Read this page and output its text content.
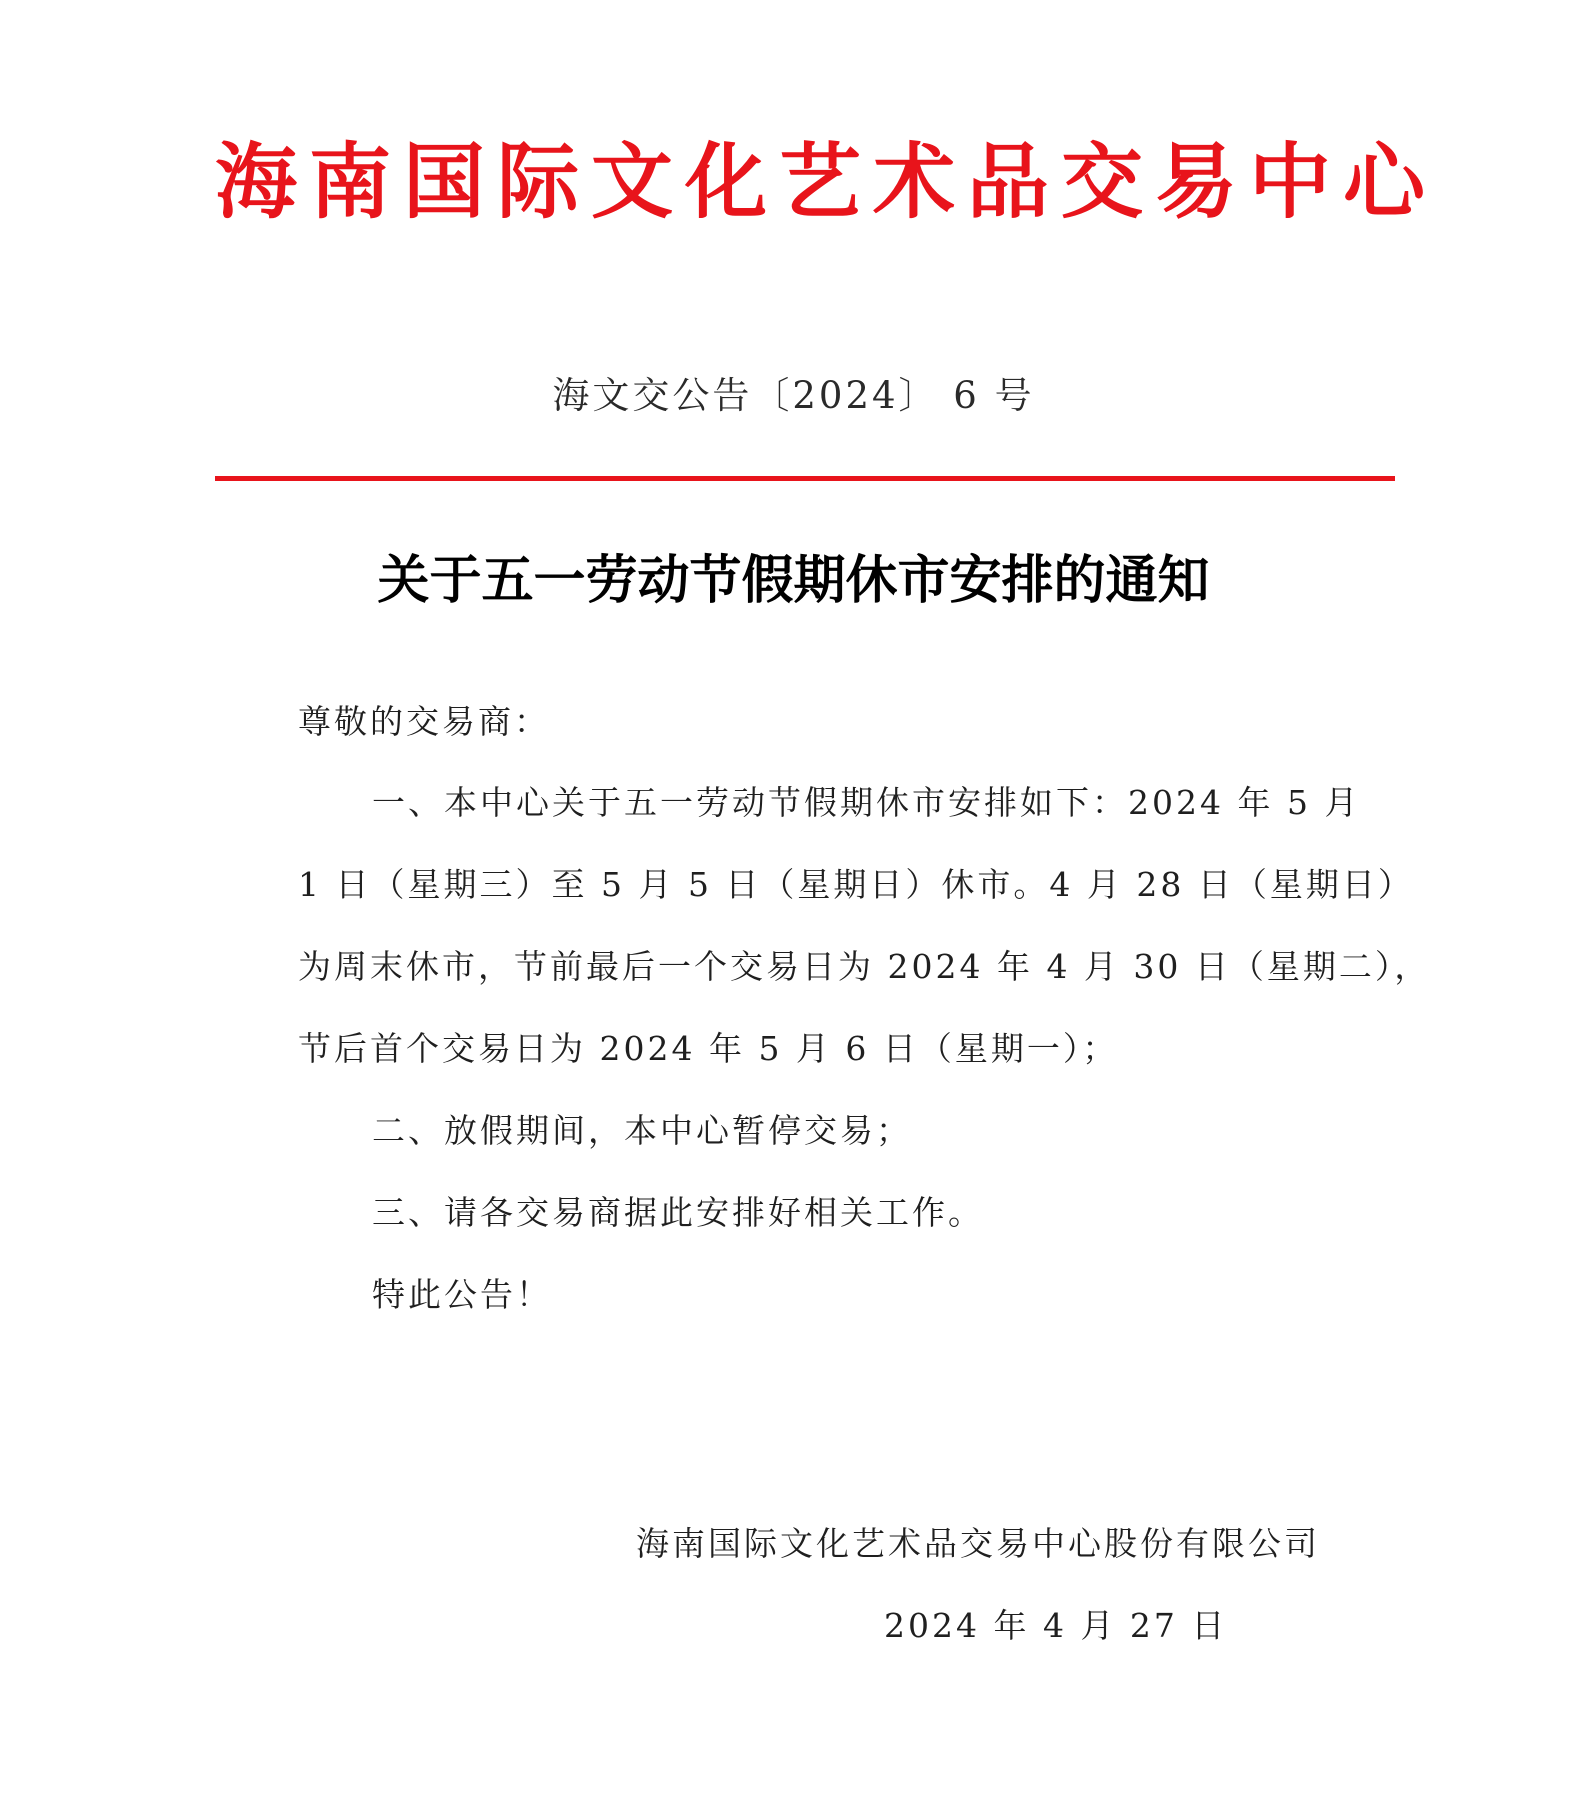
海南国际文化艺术品交易中心
海文交公告〔2024〕 6 号
关于五一劳动节假期休市安排的通知
尊敬的交易商：
一、本中心关于五一劳动节假期休市安排如下：2024 年 5 月
1 日（星期三）至 5 月 5 日（星期日）休市。4 月 28 日（星期日）
为周末休市，节前最后一个交易日为 2024 年 4 月 30 日（星期二），
节后首个交易日为 2024 年 5 月 6 日（星期一）；
二、放假期间，本中心暂停交易；
三、请各交易商据此安排好相关工作。
特此公告！
海南国际文化艺术品交易中心股份有限公司
2024 年 4 月 27 日
